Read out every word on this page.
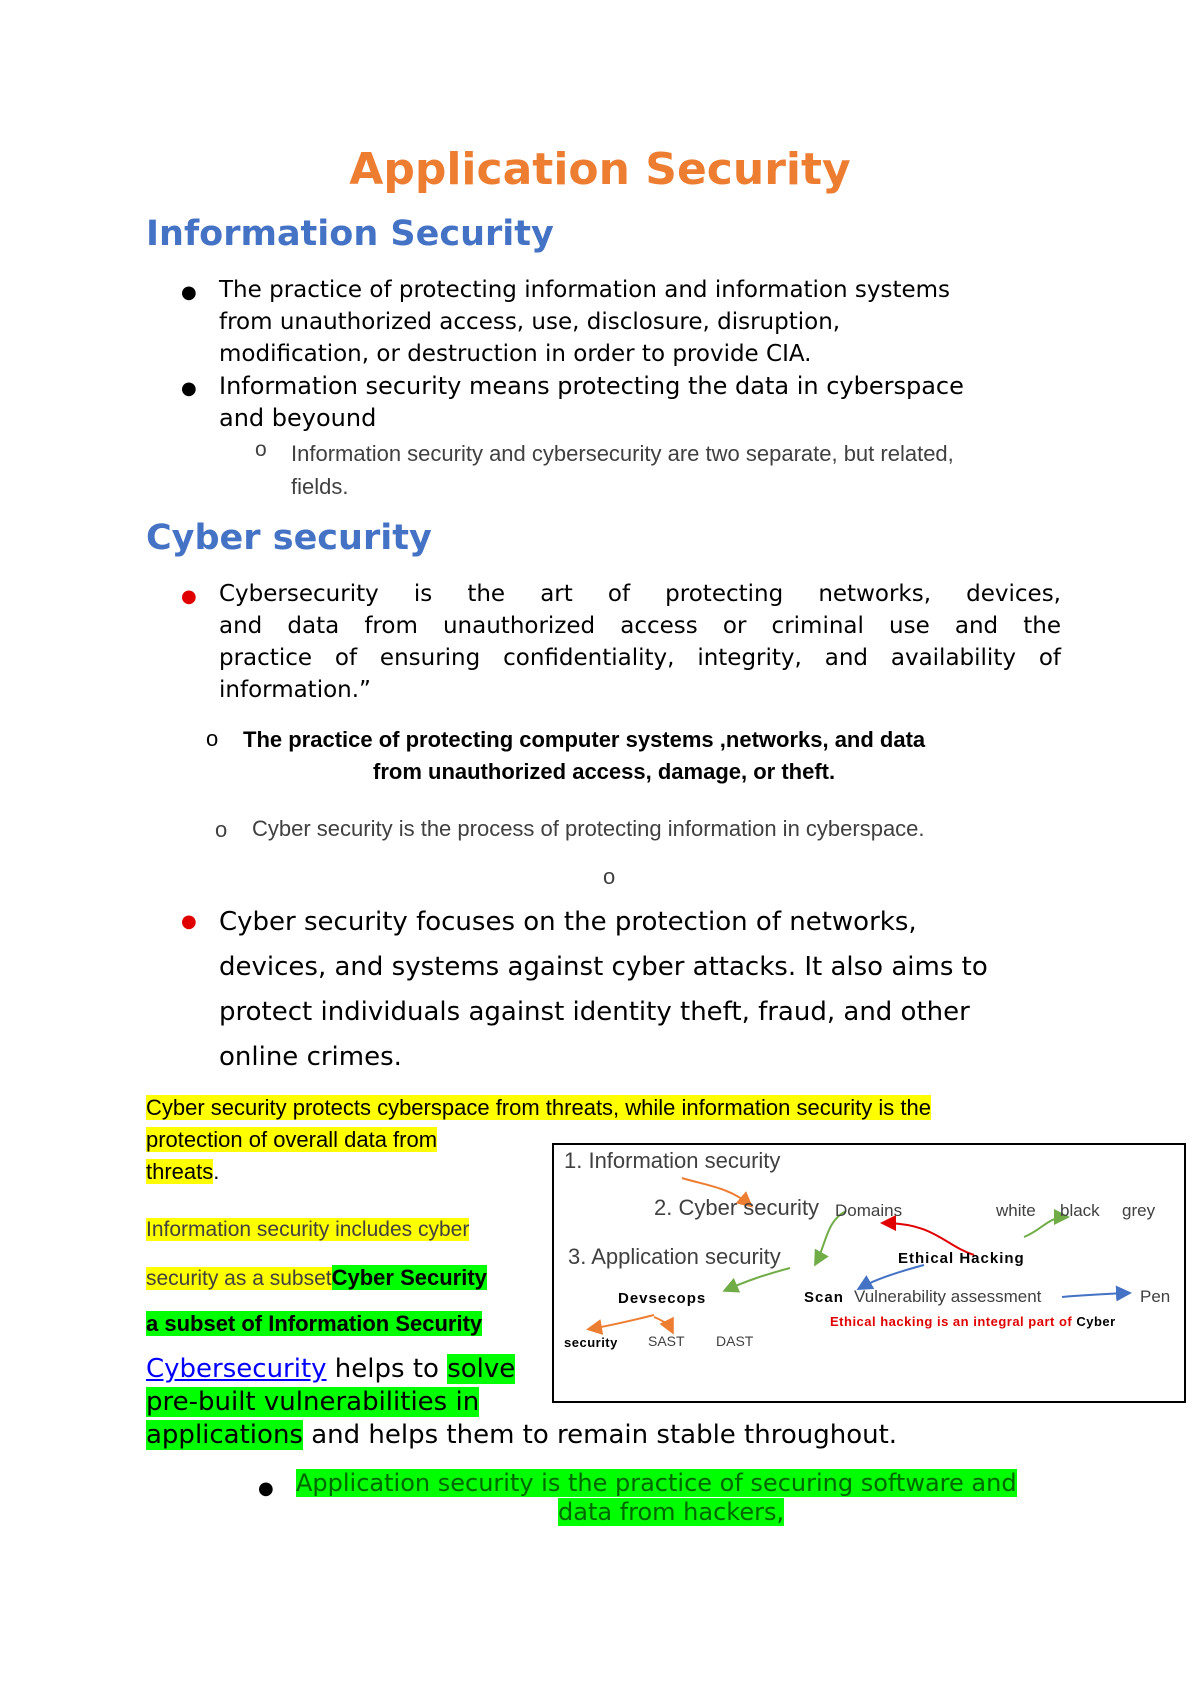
Application Security
Information Security
● The practice of protecting information and information systems
from unauthorized access, use, disclosure, disruption,
modification, or destruction in order to provide CIA.
● Information security means protecting the data in cyberspace
and beyound
o Information security and cybersecurity are two separate, but related,
fields.
Cyber security
● Cybersecurity is the art of protecting networks, devices,
and data from unauthorized access or criminal use and the
practice of ensuring confidentiality, integrity, and availability of
information.”
o The practice of protecting computer systems ,networks, and data
from unauthorized access, damage, or theft.
o Cyber security is the process of protecting information in cyberspace.
o
● Cyber security focuses on the protection of networks,
devices, and systems against cyber attacks. It also aims to
protect individuals against identity theft, fraud, and other
online crimes.
Cyber security protects cyberspace from threats, while information security is the
protection of overall data from
threats.
Information security includes cyber
security as a subsetCyber Security
a subset of Information Security
Cybersecurity helps to solve
pre-built vulnerabilities in
applications and helps them to remain stable throughout.
● Application security is the practice of securing software and
data from hackers,
1. Information security
2. Cyber security Domains	white black grey
3. Application security	Ethical Hacking
Devsecops	Scan Vulnerability assessment	Pen
Ethical hacking is an integral part of Cyber
security SAST DAST
